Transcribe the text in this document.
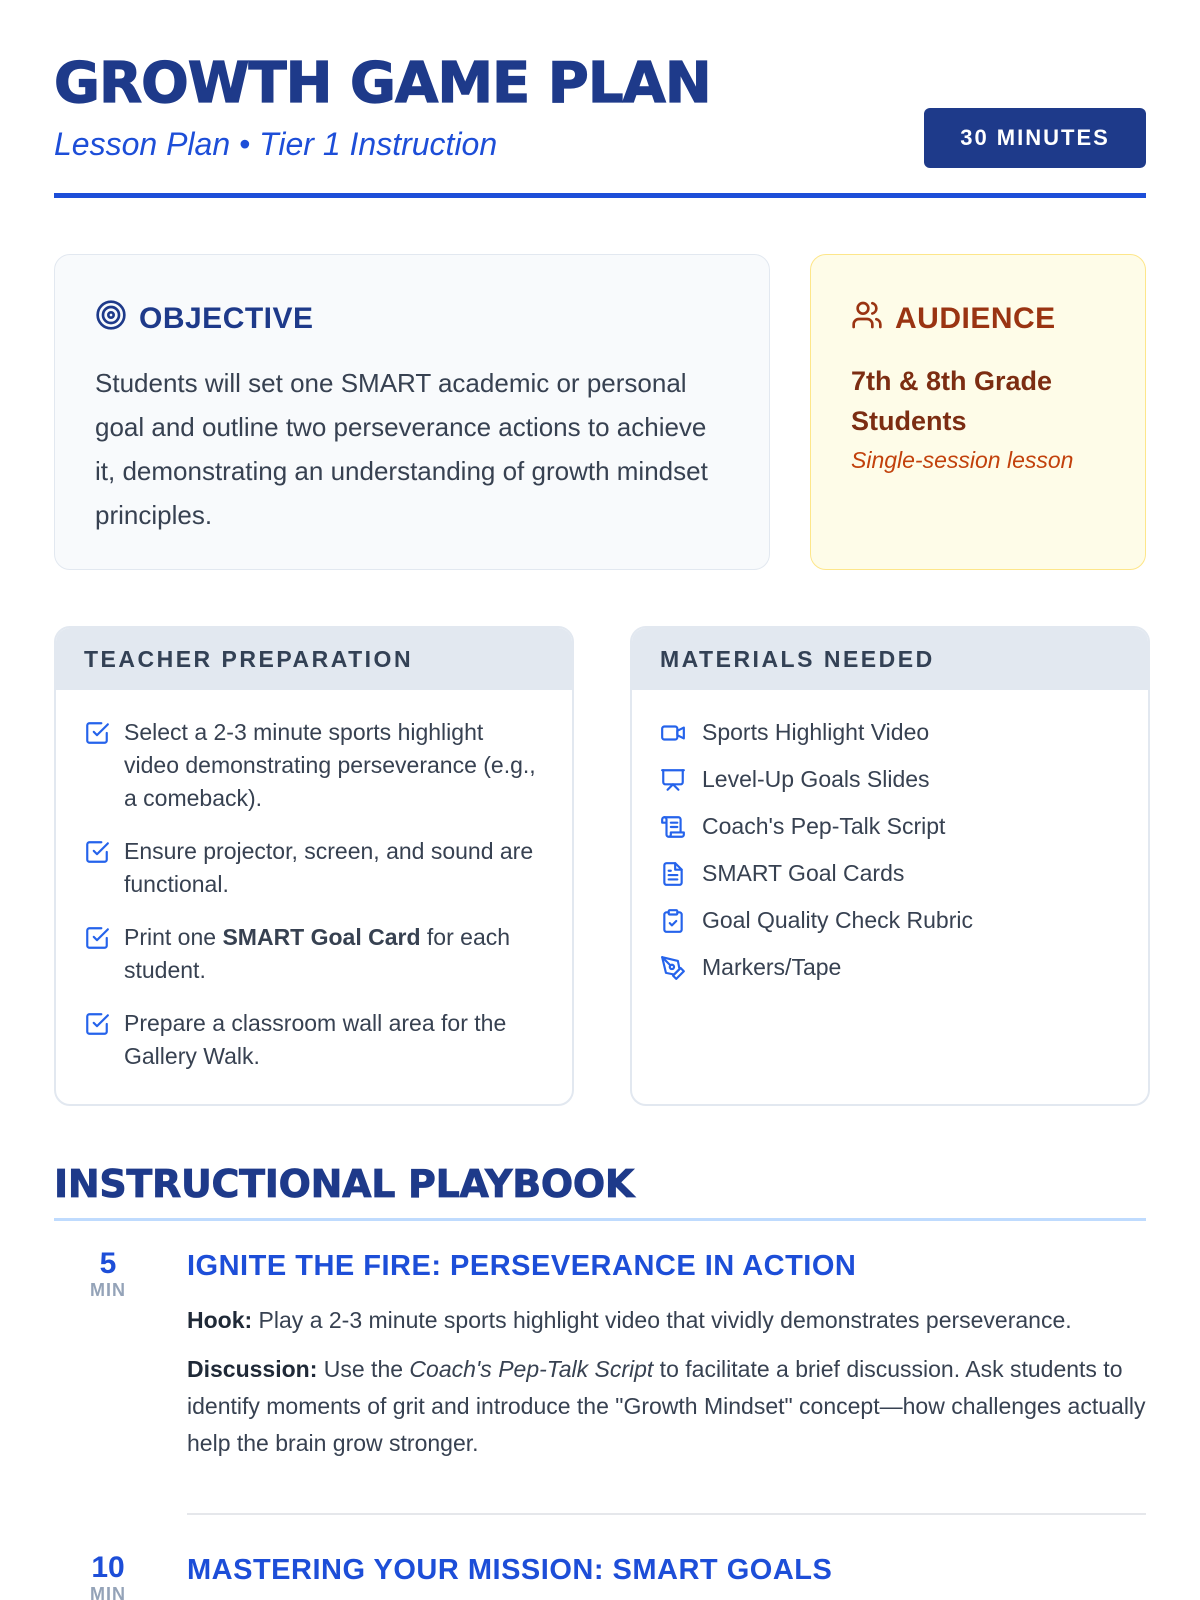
GROWTH GAME PLAN
Lesson Plan • Tier 1 Instruction	30 MINUTES
OBJECTIVE

Students will set one SMART academic or personal goal and outline two perseverance actions to achieve it, demonstrating an understanding of growth mindset principles.

AUDIENCE
7th & 8th Grade Students
Single-session lesson
TEACHER PREPARATION
Select a 2-3 minute sports highlight video demonstrating perseverance (e.g., a comeback).
Ensure projector, screen, and sound are functional.
Print one SMART Goal Card for each student.
Prepare a classroom wall area for the Gallery Walk.
MATERIALS NEEDED
Sports Highlight Video
Level-Up Goals Slides
Coach's Pep-Talk Script
SMART Goal Cards
Goal Quality Check Rubric
Markers/Tape
INSTRUCTIONAL PLAYBOOK
5
MIN
IGNITE THE FIRE: PERSEVERANCE IN ACTION

Hook: Play a 2-3 minute sports highlight video that vividly demonstrates perseverance.

Discussion: Use the Coach's Pep-Talk Script to facilitate a brief discussion. Ask students to identify moments of grit and introduce the "Growth Mindset" concept—how challenges actually help the brain grow stronger.

10
MIN
MASTERING YOUR MISSION: SMART GOALS
